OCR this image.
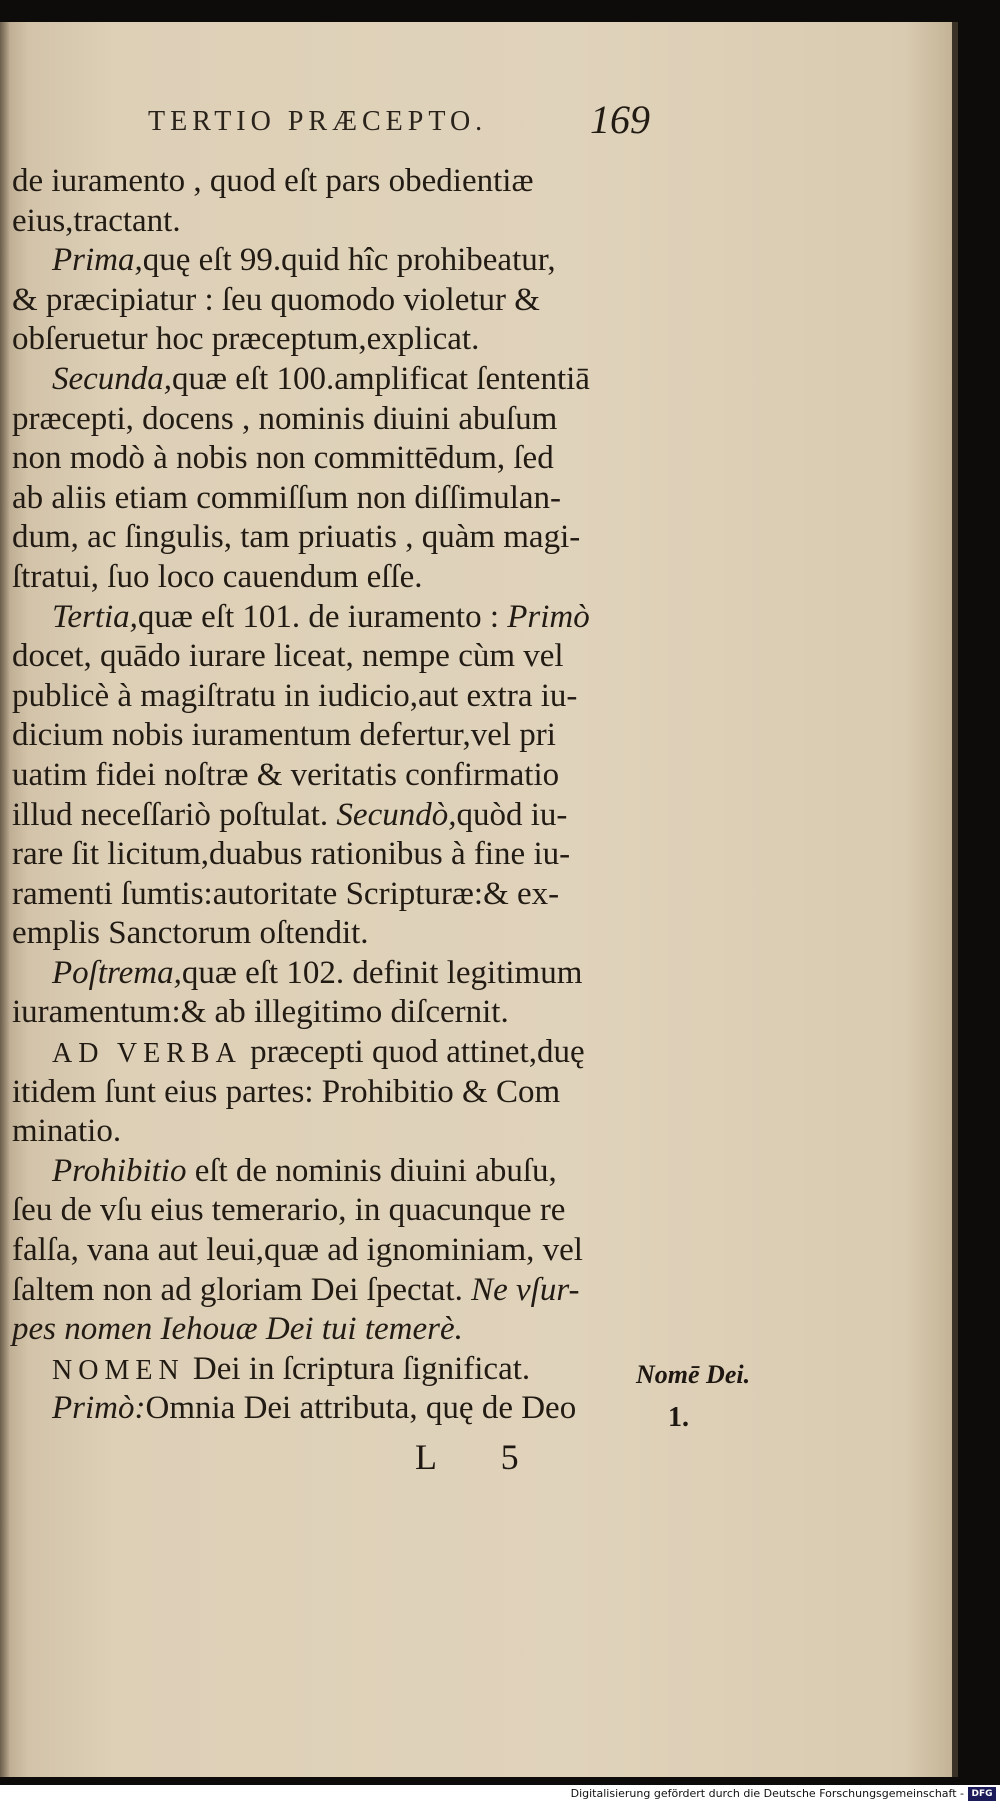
TERTIO PRÆCEPTO.	169
de iuramento , quod eſt pars obedientiæ
eius,tractant.
Prima,quę eſt 99.quid hîc prohibeatur,
& præcipiatur : ſeu quomodo violetur &
obſeruetur hoc præceptum,explicat.
Secunda,quæ eſt 100.amplificat ſententiā
præcepti, docens , nominis diuini abuſum
non modò à nobis non committēdum, ſed
ab aliis etiam commiſſum non diſſimulan-
dum, ac ſingulis, tam priuatis , quàm magi-
ſtratui, ſuo loco cauendum eſſe.
Tertia,quæ eſt 101. de iuramento : Primò
docet, quādo iurare liceat, nempe cùm vel
publicè à magiſtratu in iudicio,aut extra iu-
dicium nobis iuramentum defertur,vel pri
uatim fidei noſtræ & veritatis confirmatio
illud neceſſariò poſtulat. Secundò,quòd iu-
rare ſit licitum,duabus rationibus à fine iu-
ramenti ſumtis:autoritate Scripturæ:& ex-
emplis Sanctorum oſtendit.
Poſtrema,quæ eſt 102. definit legitimum
iuramentum:& ab illegitimo diſcernit.
AD VERBA præcepti quod attinet,duę
itidem ſunt eius partes: Prohibitio & Com
minatio.
Prohibitio eſt de nominis diuini abuſu,
ſeu de vſu eius temerario, in quacunque re
falſa, vana aut leui,quæ ad ignominiam, vel
ſaltem non ad gloriam Dei ſpectat. Ne vſur-
pes nomen Iehouæ Dei tui temerè.
NOMEN Dei in ſcriptura ſignificat.
Primò:Omnia Dei attributa, quę de Deo
Nomē Dei.
1.
L 5
Digitalisierung gefördert durch die Deutsche Forschungsgemeinschaft - DFG
